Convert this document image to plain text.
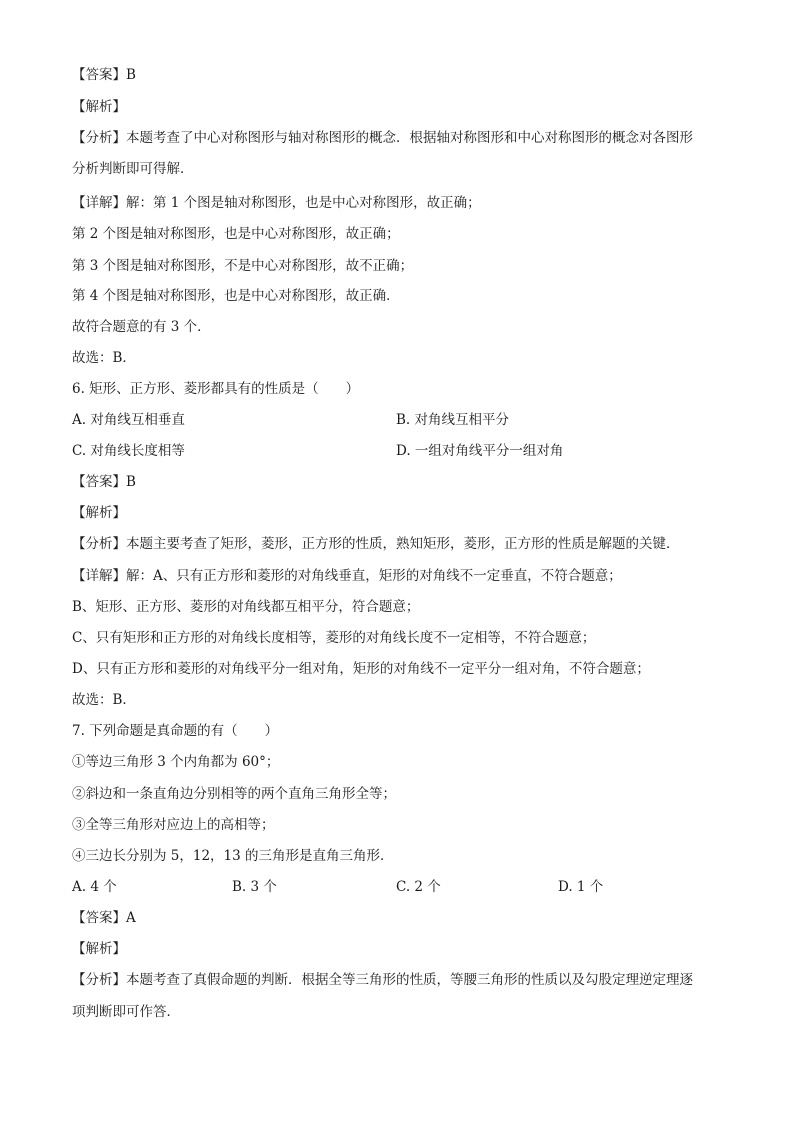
【答案】B
【解析】
【分析】本题考查了中心对称图形与轴对称图形的概念．根据轴对称图形和中心对称图形的概念对各图形
分析判断即可得解．
【详解】解：第 1 个图是轴对称图形，也是中心对称图形，故正确；
第 2 个图是轴对称图形，也是中心对称图形，故正确；
第 3 个图是轴对称图形，不是中心对称图形，故不正确；
第 4 个图是轴对称图形，也是中心对称图形，故正确．
故符合题意的有 3 个．
故选：B．
6. 矩形、正方形、菱形都具有的性质是（　　）
A. 对角线互相垂直	B. 对角线互相平分
C. 对角线长度相等	D. 一组对角线平分一组对角
【答案】B
【解析】
【分析】本题主要考查了矩形，菱形，正方形的性质，熟知矩形，菱形，正方形的性质是解题的关键．
【详解】解：A、只有正方形和菱形的对角线垂直，矩形的对角线不一定垂直，不符合题意；
B、矩形、正方形、菱形的对角线都互相平分，符合题意；
C、只有矩形和正方形的对角线长度相等，菱形的对角线长度不一定相等，不符合题意；
D、只有正方形和菱形的对角线平分一组对角，矩形的对角线不一定平分一组对角，不符合题意；
故选：B．
7. 下列命题是真命题的有（　　）
①等边三角形 3 个内角都为 60°；
②斜边和一条直角边分别相等的两个直角三角形全等；
③全等三角形对应边上的高相等；
④三边长分别为 5，12，13 的三角形是直角三角形．
A. 4 个	B. 3 个	C. 2 个	D. 1 个
【答案】A
【解析】
【分析】本题考查了真假命题的判断．根据全等三角形的性质，等腰三角形的性质以及勾股定理逆定理逐
项判断即可作答．
